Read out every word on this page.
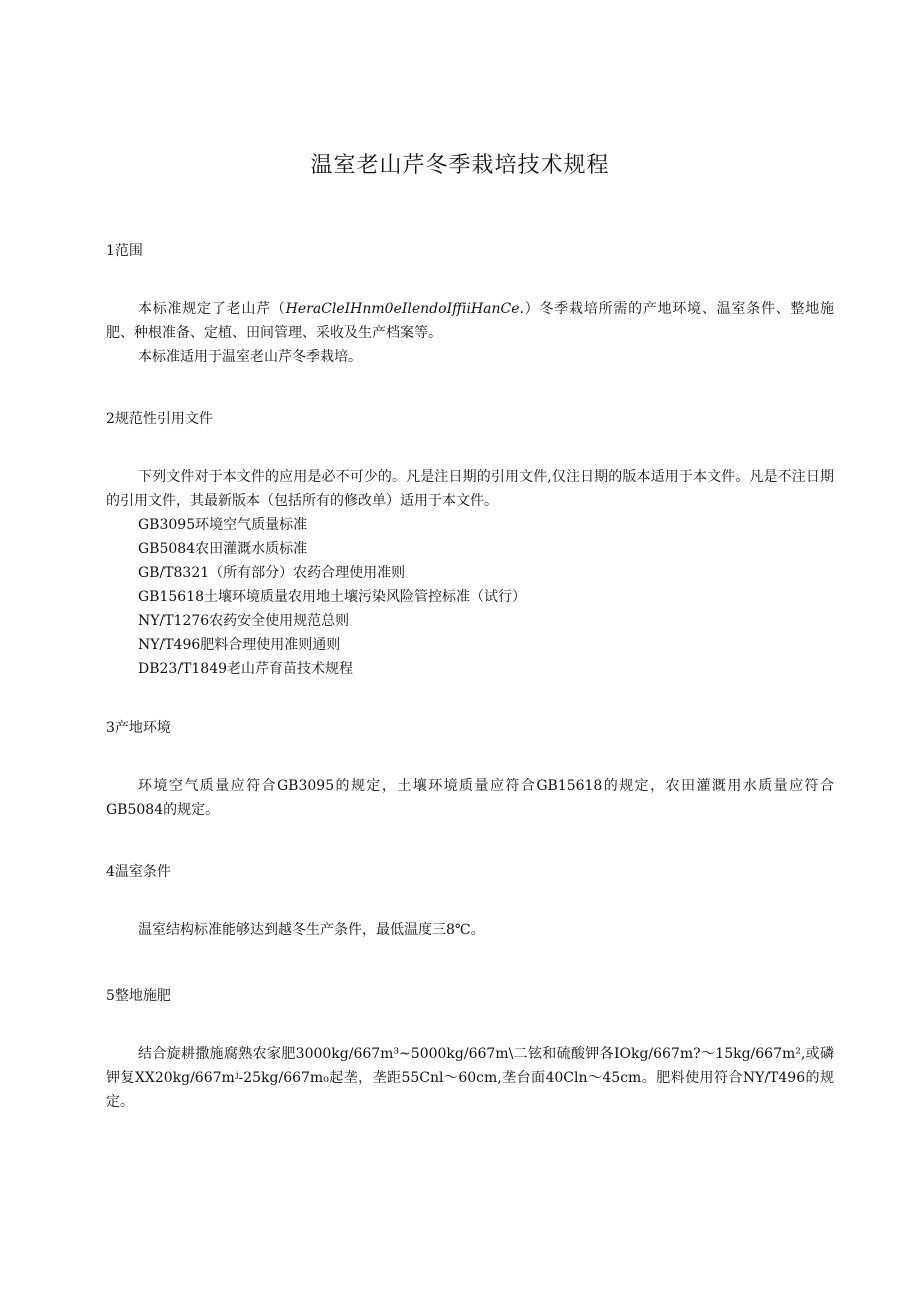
温室老山芹冬季栽培技术规程
1范围
本标准规定了老山芹（HeraCleIHnm0eIlendoIffiiHanCe.）冬季栽培所需的产地环境、温室条件、整地施肥、种根准备、定植、田间管理、采收及生产档案等。
本标准适用于温室老山芹冬季栽培。
2规范性引用文件
下列文件对于本文件的应用是必不可少的。凡是注日期的引用文件,仅注日期的版本适用于本文件。凡是不注日期的引用文件，其最新版本（包括所有的修改单）适用于本文件。
GB3095环境空气质量标准
GB5084农田灌溉水质标准
GB/T8321（所有部分）农药合理使用准则
GB15618土壤环境质量农用地土壤污染风险管控标准（试行）
NY/T1276农药安全使用规范总则
NY/T496肥料合理使用准则通则
DB23/T1849老山芹育苗技术规程
3产地环境
环境空气质量应符合GB3095的规定，土壤环境质量应符合GB15618的规定，农田灌溉用水质量应符合GB5084的规定。
4温室条件
温室结构标准能够达到越冬生产条件，最低温度三8℃。
5整地施肥
结合旋耕撒施腐熟农家肥3000kg/667m³~5000kg/667m\二铉和硫酸钾各IOkg/667m?～15kg/667m²,或磷钾复XX20kg/667mʲ-25kg/667m₀起垄，垄距55Cnl～60cm,垄台面40Cln～45cm。肥料使用符合NY/T496的规定。
